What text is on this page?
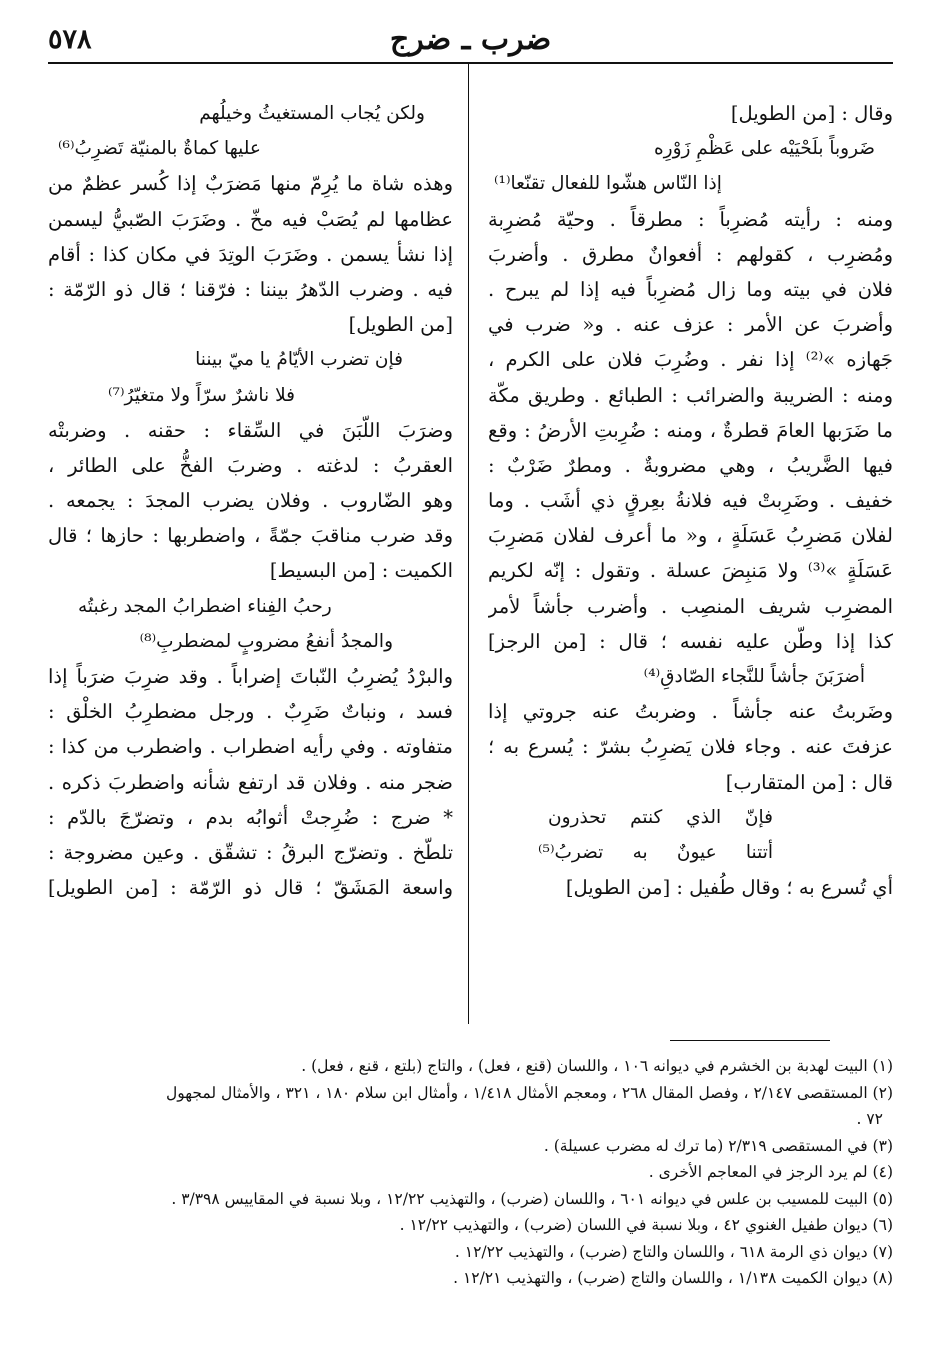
ضرب ـ ضرج
٥٧٨
وقال : [من الطويل]
ضَروباً بلَحْيَيْه على عَظْمِ زَوْرِه
إذا النّاس هشّوا للفعال تقنّعا⁽¹⁾
ومنه : رأيته مُضرِباً : مطرقاً . وحيّة مُضرِبة
ومُضرِب ، كقولهم : أفعوانٌ مطرق . وأضربَ
فلان في بيته وما زال مُضرِباً فيه إذا لم يبرح .
وأضربَ عن الأمر : عزف عنه . و« ضرب في
جَهازه »⁽²⁾ إذا نفر . وضُرِبَ فلان على الكرم ،
ومنه : الضريبة والضرائب : الطبائع . وطريق مكّة
ما ضَرَبها العامَ قطرةٌ ، ومنه : ضُرِبتِ الأرضُ : وقع
فيها الضَّريبُ ، وهي مضروبةٌ . ومطرٌ ضَرْبٌ :
خفيف . وضَرِبتْ فيه فلانةُ بعِرقٍ ذي أشَب . وما
لفلان مَضرِبُ عَسَلَةٍ ، و« ما أعرف لفلان مَضرِبَ
عَسَلَةٍ »⁽³⁾ ولا مَنبِضَ عسلة . وتقول : إنّه لكريم
المضرِب شريف المنصِب . وأضرب جأشاً لأمر
كذا إذا وطّن عليه نفسه ؛ قال : [من الرجز]
أضرَبَنَ جأشاً للنَّجاء الصّادقِ⁽⁴⁾
وضَربتُ عنه جأشاً . وضربتُ عنه جروتي إذا
عزفتَ عنه . وجاء فلان يَضرِبُ بشرّ : يُسرع به ؛
قال : [من المتقارب]
فإنّ الذي كنتم تحذرون
أتتنا عيونٌ به تضربُ⁽⁵⁾
أي تُسرع به ؛ وقال طُفيل : [من الطويل]
ولكن يُجاب المستغيثُ وخيلُهم
عليها كماةٌ بالمنيّة تَضرِبُ⁽⁶⁾
وهذه شاة ما يُرِمّ منها مَضرَبٌ إذا كُسر عظمٌ من
عظامها لم يُصَبْ فيه مخّ . وضَرَبَ الصّبيُّ ليسمن
إذا نشأ يسمن . وضَرَبَ الوتِدَ في مكان كذا : أقام
فيه . وضرب الدّهرُ بيننا : فرّقنا ؛ قال ذو الرّمّة :
[من الطويل]
فإن تضرب الأيّامُ يا ميّ بيننا
فلا ناشرٌ سرّاً ولا متغيّرُ⁽⁷⁾
وضرَبَ اللّبَنَ في السِّقاء : حقنه . وضربتْه
العقربُ : لدغته . وضربَ الفخُّ على الطائر ،
وهو الضّاروب . وفلان يضرب المجدَ : يجمعه .
وقد ضرب مناقبَ جمّةً ، واضطربها : حازها ؛ قال
الكميت : [من البسيط]
رحبُ الفِناء اضطرابُ المجد رغبتُه
والمجدُ أنفعُ مضروبٍ لمضطربِ⁽⁸⁾
والبرْدُ يُضرِبُ النّباتَ إضراباً . وقد ضرِبَ ضرَباً إذا
فسد ، ونباتٌ ضَرِبٌ . ورجل مضطرِبُ الخلْق :
متفاوته . وفي رأيه اضطراب . واضطرب من كذا :
ضجر منه . وفلان قد ارتفع شأنه واضطربَ ذكره .
* ضرج : ضُرِجتْ أثوابُه بدم ، وتضرّجَ بالدّم :
تلطّخ . وتضرّج البرقُ : تشقّق . وعين مضروجة :
واسعة المَشَقّ ؛ قال ذو الرّمّة : [من الطويل]
(١) البيت لهدبة بن الخشرم في ديوانه ١٠٦ ، واللسان (قنع ، فعل) ، والتاج (بلتع ، قنع ، فعل) .
(٢) المستقصى ٢/١٤٧ ، وفصل المقال ٢٦٨ ، ومعجم الأمثال ١/٤١٨ ، وأمثال ابن سلام ١٨٠ ، ٣٢١ ، والأمثال لمجهول
٧٢ .
(٣) في المستقصى ٢/٣١٩ (ما ترك له مضرب عسيلة) .
(٤) لم يرد الرجز في المعاجم الأخرى .
(٥) البيت للمسيب بن علس في ديوانه ٦٠١ ، واللسان (ضرب) ، والتهذيب ١٢/٢٢ ، وبلا نسبة في المقاييس ٣/٣٩٨ .
(٦) ديوان طفيل الغنوي ٤٢ ، وبلا نسبة في اللسان (ضرب) ، والتهذيب ١٢/٢٢ .
(٧) ديوان ذي الرمة ٦١٨ ، واللسان والتاج (ضرب) ، والتهذيب ١٢/٢٢ .
(٨) ديوان الكميت ١/١٣٨ ، واللسان والتاج (ضرب) ، والتهذيب ١٢/٢١ .
